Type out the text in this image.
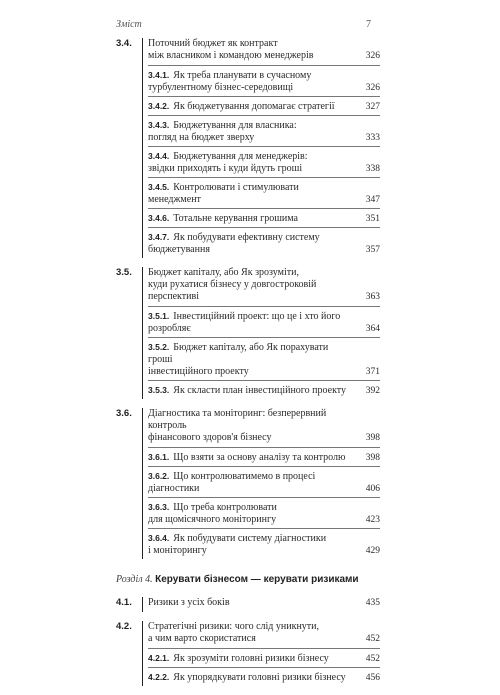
Зміст	7
3.4.	Поточний бюджет як контракт
між власником і командою менеджерів	326
3.4.1. Як треба планувати в сучасному
турбулентному бізнес-середовищі	326
3.4.2. Як бюджетування допомагає стратегії	327
3.4.3. Бюджетування для власника:
погляд на бюджет зверху	333
3.4.4. Бюджетування для менеджерів:
звідки приходять і куди йдуть гроші	338
3.4.5. Контролювати і стимулювати менеджмент	347
3.4.6. Тотальне керування грошима	351
3.4.7. Як побудувати ефективну систему бюджетування	357
3.5.	Бюджет капіталу, або Як зрозуміти,
куди рухатися бізнесу у довгостроковій перспективі	363
3.5.1. Інвестиційний проект: що це і хто його розробляє	364
3.5.2. Бюджет капіталу, або Як порахувати гроші
інвестиційного проекту	371
3.5.3. Як скласти план інвестиційного проекту	392
3.6.	Діагностика та моніторинг: безперервний контроль
фінансового здоров'я бізнесу	398
3.6.1. Що взяти за основу аналізу та контролю	398
3.6.2. Що контролюватимемо в процесі діагностики	406
3.6.3. Що треба контролювати
для щомісячного моніторингу	423
3.6.4. Як побудувати систему діагностики
і моніторингу	429
Розділ 4. Керувати бізнесом — керувати ризиками
4.1.	Ризики з усіх боків	435
4.2.	Стратегічні ризики: чого слід уникнути,
а чим варто скористатися	452
4.2.1. Як зрозуміти головні ризики бізнесу	452
4.2.2. Як упорядкувати головні ризики бізнесу	456
